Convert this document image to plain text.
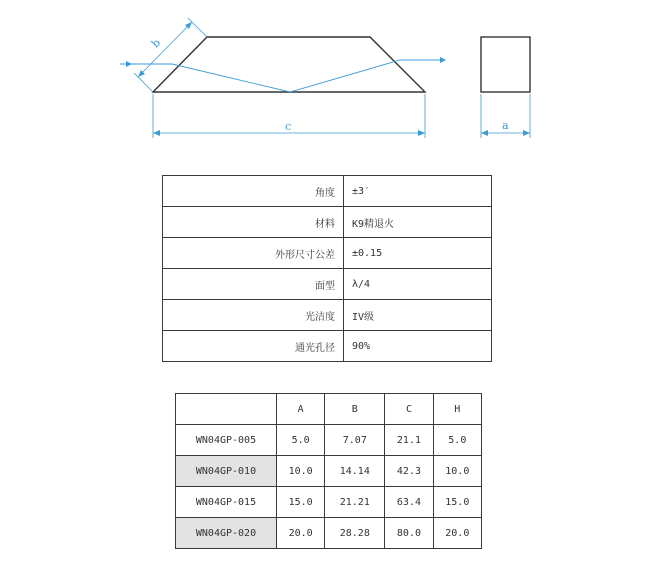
b
c	a
角度	±3′
材料	K9精退火
外形尺寸公差	±0.15
面型	λ/4
光洁度	IV级
通光孔径	90%
	A	B	C	H
WN04GP-005	5.0	7.07	21.1	5.0
WN04GP-010	10.0	14.14	42.3	10.0
WN04GP-015	15.0	21.21	63.4	15.0
WN04GP-020	20.0	28.28	80.0	20.0
